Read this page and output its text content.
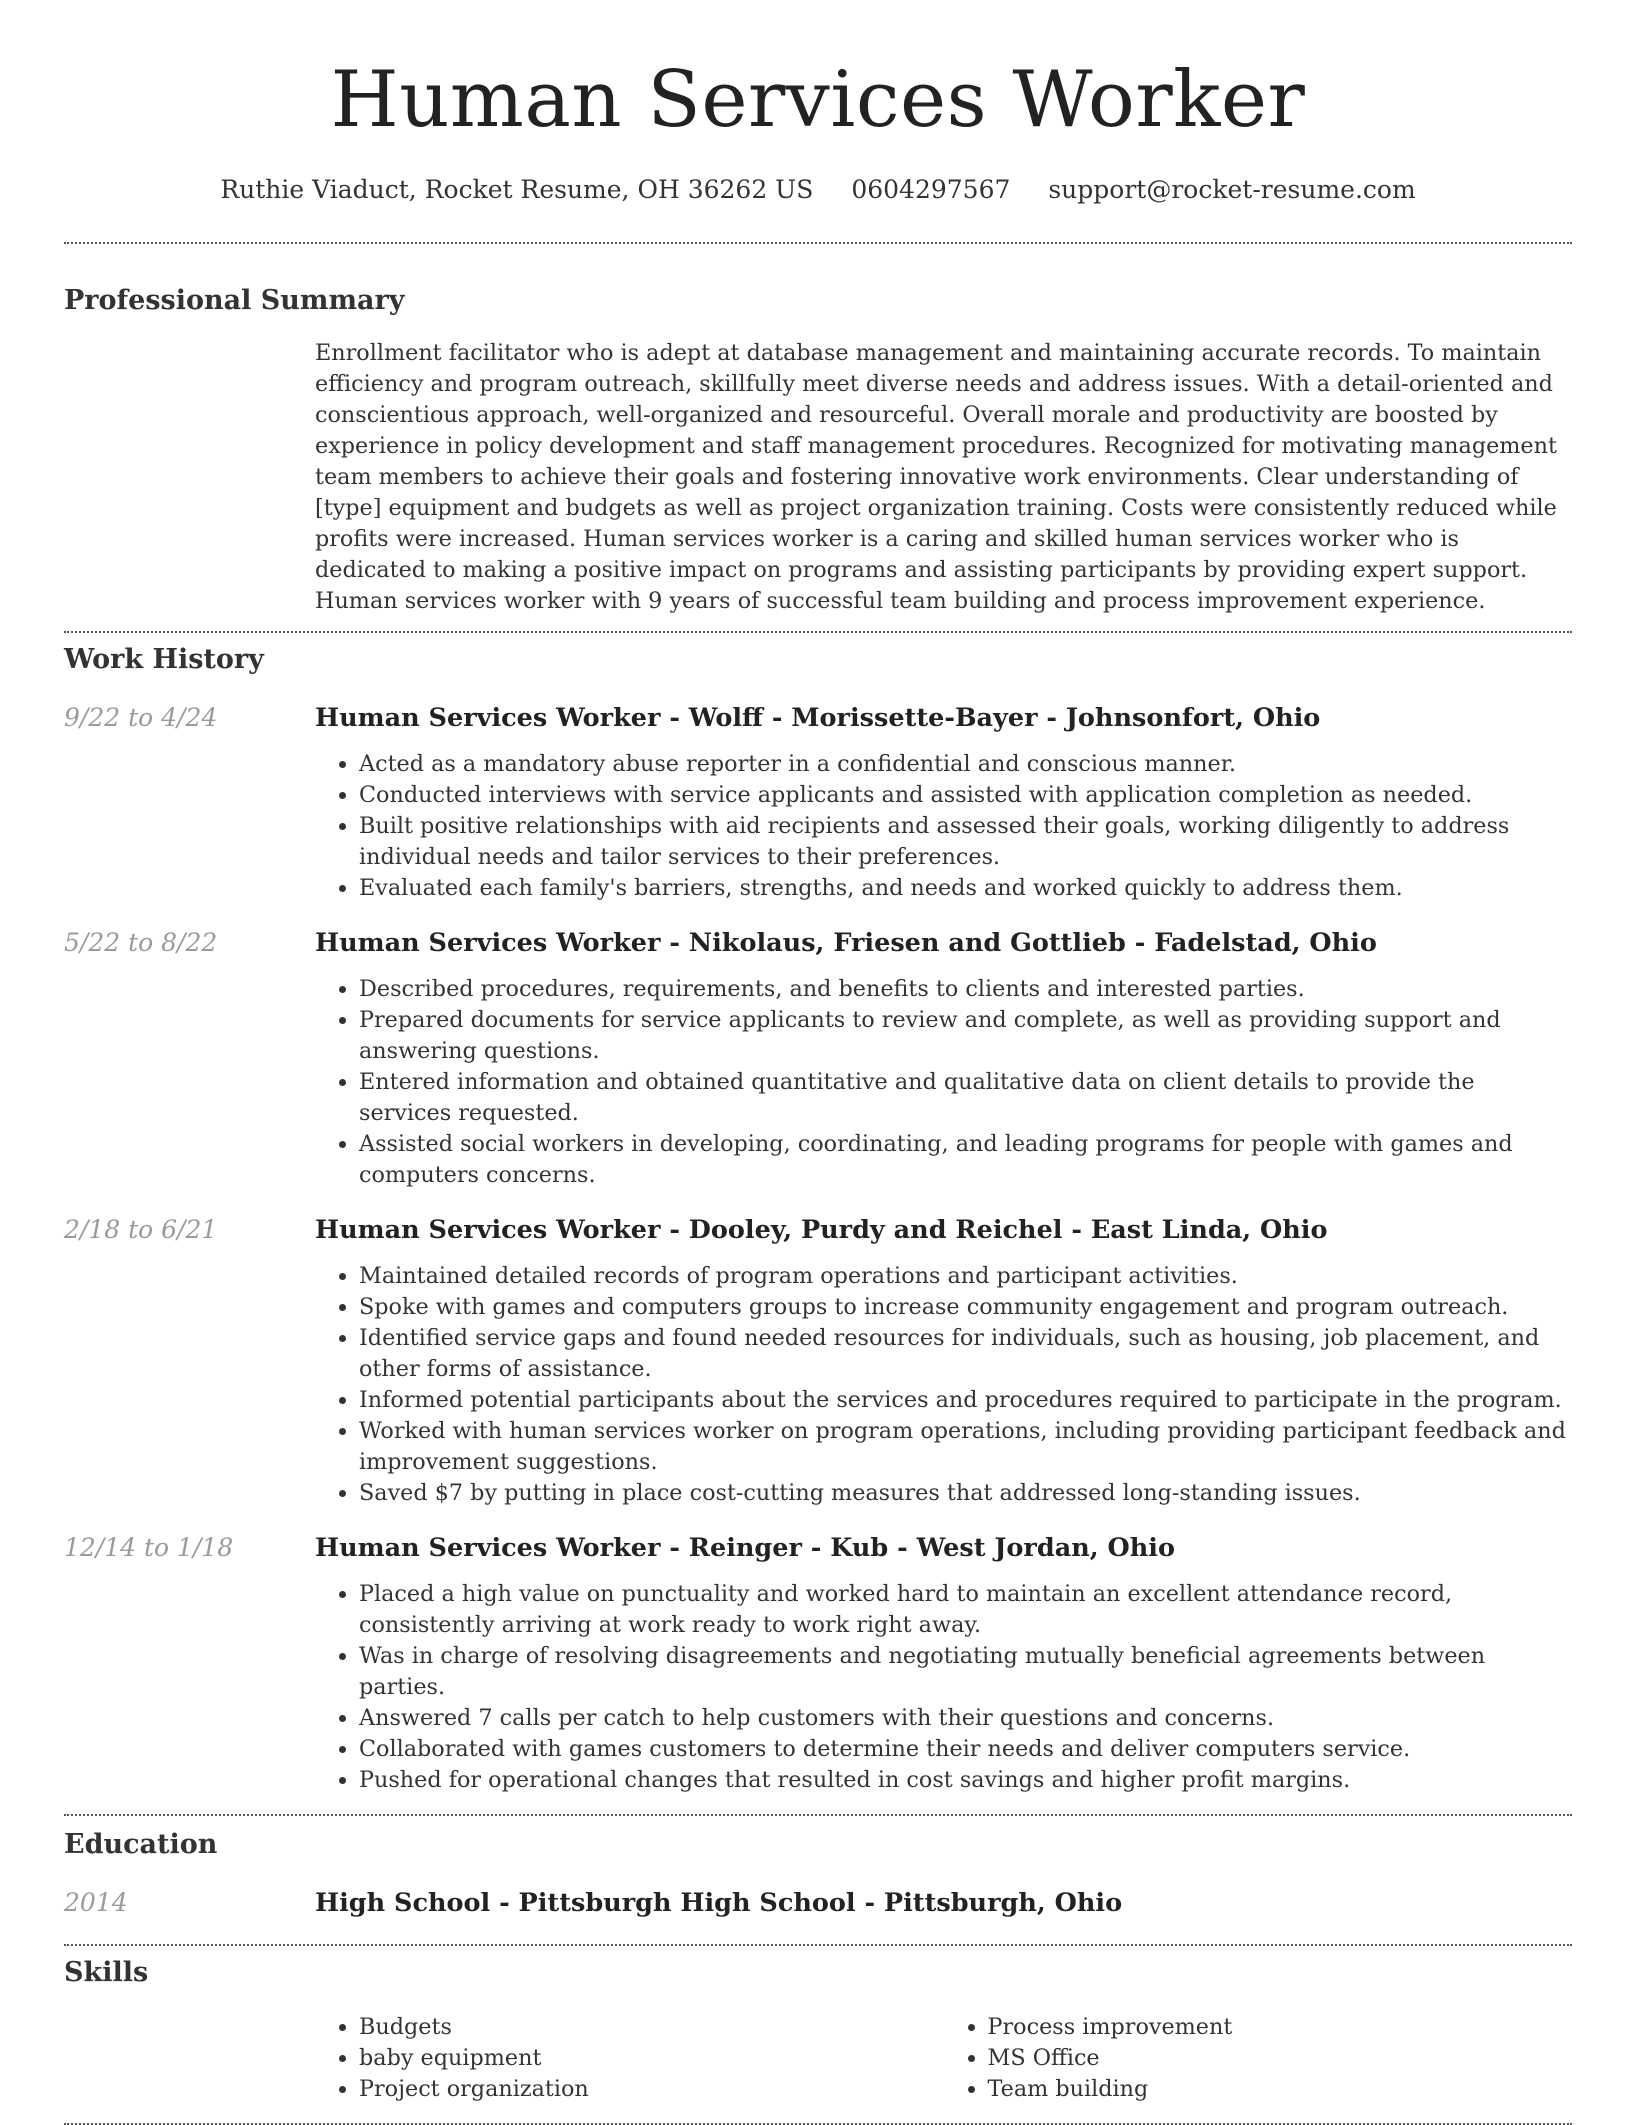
Human Services Worker
Ruthie Viaduct, Rocket Resume, OH 36262 US 0604297567 support@rocket-resume.com
Professional Summary

Enrollment facilitator who is adept at database management and maintaining accurate records. To maintain efficiency and program outreach, skillfully meet diverse needs and address issues. With a detail-oriented and conscientious approach, well-organized and resourceful. Overall morale and productivity are boosted by experience in policy development and staff management procedures. Recognized for motivating management team members to achieve their goals and fostering innovative work environments. Clear understanding of [type] equipment and budgets as well as project organization training. Costs were consistently reduced while profits were increased. Human services worker is a caring and skilled human services worker who is dedicated to making a positive impact on programs and assisting participants by providing expert support. Human services worker with 9 years of successful team building and process improvement experience.

Work History
9/22 to 4/24	Human Services Worker - Wolff - Morissette-Bayer - Johnsonfort, Ohio
• Acted as a mandatory abuse reporter in a confidential and conscious manner.
• Conducted interviews with service applicants and assisted with application completion as needed.
• Built positive relationships with aid recipients and assessed their goals, working diligently to address individual needs and tailor services to their preferences.
• Evaluated each family's barriers, strengths, and needs and worked quickly to address them.
5/22 to 8/22	Human Services Worker - Nikolaus, Friesen and Gottlieb - Fadelstad, Ohio
• Described procedures, requirements, and benefits to clients and interested parties.
• Prepared documents for service applicants to review and complete, as well as providing support and answering questions.
• Entered information and obtained quantitative and qualitative data on client details to provide the services requested.
• Assisted social workers in developing, coordinating, and leading programs for people with games and computers concerns.
2/18 to 6/21	Human Services Worker - Dooley, Purdy and Reichel - East Linda, Ohio
• Maintained detailed records of program operations and participant activities.
• Spoke with games and computers groups to increase community engagement and program outreach.
• Identified service gaps and found needed resources for individuals, such as housing, job placement, and other forms of assistance.
• Informed potential participants about the services and procedures required to participate in the program.
• Worked with human services worker on program operations, including providing participant feedback and improvement suggestions.
• Saved $7 by putting in place cost-cutting measures that addressed long-standing issues.
12/14 to 1/18	Human Services Worker - Reinger - Kub - West Jordan, Ohio
• Placed a high value on punctuality and worked hard to maintain an excellent attendance record, consistently arriving at work ready to work right away.
• Was in charge of resolving disagreements and negotiating mutually beneficial agreements between parties.
• Answered 7 calls per catch to help customers with their questions and concerns.
• Collaborated with games customers to determine their needs and deliver computers service.
• Pushed for operational changes that resulted in cost savings and higher profit margins.
Education
2014	High School - Pittsburgh High School - Pittsburgh, Ohio
Skills
• Budgets
• baby equipment
• Project organization
• Process improvement
• MS Office
• Team building
